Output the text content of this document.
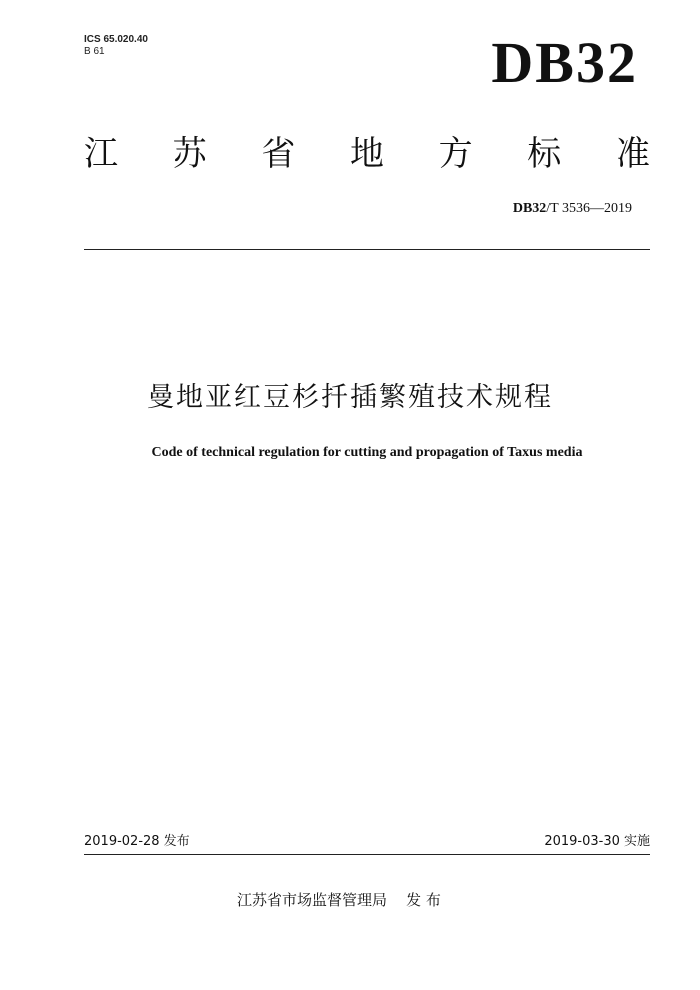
ICS 65.020.40
B 61	DB32
江 苏 省 地 方 标 准
DB32/T 3536—2019
曼地亚红豆杉扦插繁殖技术规程
Code of technical regulation for cutting and propagation of Taxus media
2019-02-28 发布	2019-03-30 实施
江苏省市场监督管理局 发 布
